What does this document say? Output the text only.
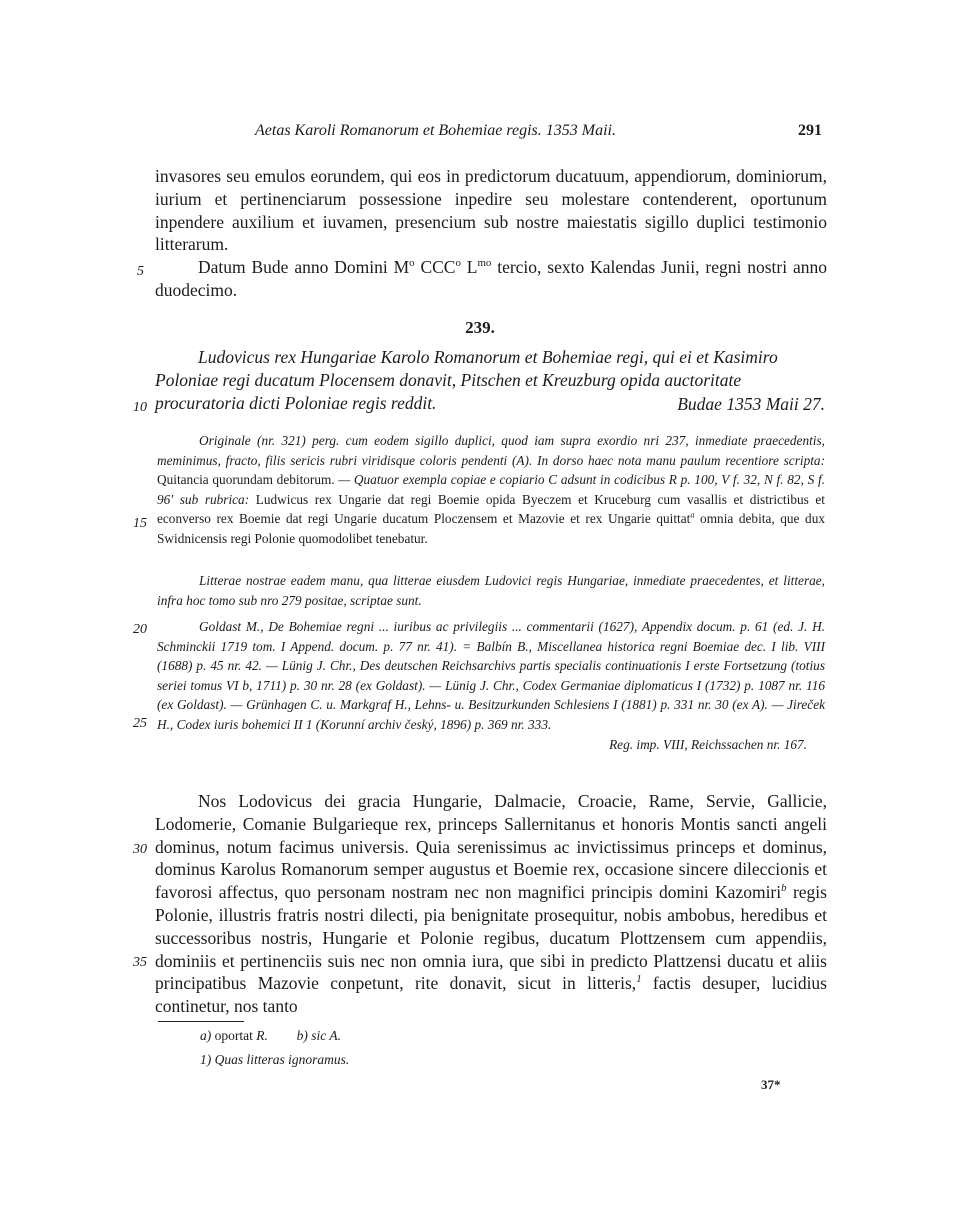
Aetas Karoli Romanorum et Bohemiae regis. 1353 Maii.	291
5
10
15
20
25
30
35

invasores seu emulos eorundem, qui eos in predictorum ducatuum, appendiorum, dominiorum, iurium et pertinenciarum possessione inpedire seu molestare contenderent, oportunum inpendere auxilium et iuvamen, presencium sub nostre maiestatis sigillo duplici testimonio litterarum.

Datum Bude anno Domini $M^o$ CCC$^o$ $L^{mo}$ tercio, sexto Kalendas Junii, regni nostri anno duodecimo.

239.

Ludovicus rex Hungariae Karolo Romanorum et Bohemiae regi, qui ei et Kasimiro Poloniae regi ducatum Plocensem donavit, Pitschen et Kreuzburg opida auctoritate procuratoria dicti Poloniae regis reddit.	Budae 1353 Maii 27.

Originale (nr. 321) perg. cum eodem sigillo duplici, quod iam supra exordio nri 237, inmediate praecedentis, meminimus, fracto, filis sericis rubri viridisque coloris pendenti (A). In dorso haec nota manu paulum recentiore scripta: Quitancia quorundam debitorum. — Quatuor exempla copiae e copiario C adsunt in codicibus R p. 100, V f. 32, N f. 82, S f. 96' sub rubrica: Ludwicus rex Ungarie dat regi Boemie opida Byeczem et Kruceburg cum vasallis et districtibus et econverso rex Boemie dat regi Ungarie ducatum Ploczensem et Mazovie et rex Ungarie quittat$^a$ omnia debita, que dux Swidnicensis regi Polonie quomodolibet tenebatur.

Litterae nostrae eadem manu, qua litterae eiusdem Ludovici regis Hungariae, inmediate praecedentes, et litterae, infra hoc tomo sub nro 279 positae, scriptae sunt.

Goldast M., De Bohemiae regni ... iuribus ac privilegiis ... commentarii (1627), Appendix docum. p. 61 (ed. J. H. Schminckii 1719 tom. I Append. docum. p. 77 nr. 41). = Balbín B., Miscellanea historica regni Boemiae dec. I lib. VIII (1688) p. 45 nr. 42. — Lünig J. Chr., Des deutschen Reichsarchivs partis specialis continuationis I erste Fortsetzung (totius seriei tomus VI b, 1711) p. 30 nr. 28 (ex Goldast). — Lünig J. Chr., Codex Germaniae diplomaticus I (1732) p. 1087 nr. 116 (ex Goldast). — Grünhagen C. u. Markgraf H., Lehns- u. Besitzurkunden Schlesiens I (1881) p. 331 nr. 30 (ex A). — Jireček H., Codex iuris bohemici II 1 (Korunní archiv český, 1896) p. 369 nr. 333.

Reg. imp. VIII, Reichssachen nr. 167.

Nos Lodovicus dei gracia Hungarie, Dalmacie, Croacie, Rame, Servie, Gallicie, Lodomerie, Comanie Bulgarieque rex, princeps Sallernitanus et honoris Montis sancti angeli dominus, notum facimus universis. Quia serenissimus ac invictissimus princeps et dominus, dominus Karolus Romanorum semper augustus et Boemie rex, occasione sincere dileccionis et favorosi affectus, quo personam nostram nec non magnifici principis domini Kazomiri$^b$ regis Polonie, illustris fratris nostri dilecti, pia benignitate prosequitur, nobis ambobus, heredibus et successoribus nostris, Hungarie et Polonie regibus, ducatum Plottzensem cum appendiis, dominiis et pertinenciis suis nec non omnia iura, que sibi in predicto Plattzensi ducatu et aliis principatibus Mazovie conpetunt, rite donavit, sicut in litteris,$^1$ factis desuper, lucidius continetur, nos tanto

a) oportat R. b) sic A.
1) Quas litteras ignoramus.
37*
